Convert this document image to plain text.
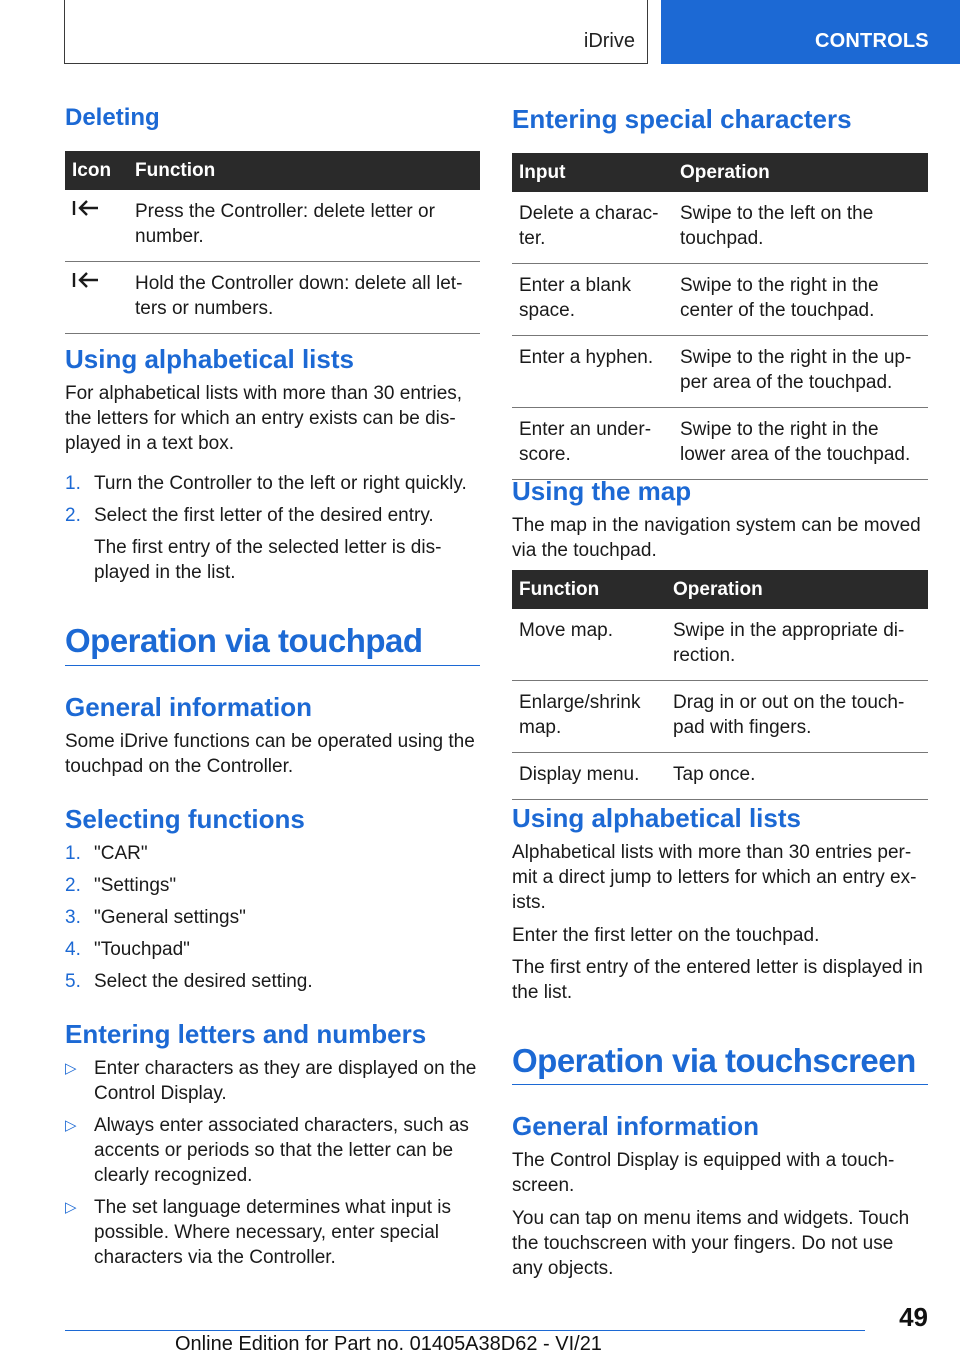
iDrive	CONTROLS
Deleting
Icon	Function
	Press the Controller: delete letter or number.
	Hold the Controller down: delete all letters or numbers.
Using alphabetical lists

For alphabetical lists with more than 30 entries, the letters for which an entry exists can be displayed in a text box.

1. Turn the Controller to the left or right quickly.
2. Select the first letter of the desired entry.

The first entry of the selected letter is displayed in the list.

Operation via touchpad
General information

Some iDrive functions can be operated using the touchpad on the Controller.

Selecting functions
1. "CAR"
2. "Settings"
3. "General settings"
4. "Touchpad"
5. Select the desired setting.
Entering letters and numbers
▷ Enter characters as they are displayed on the Control Display.
▷ Always enter associated characters, such as accents or periods so that the letter can be clearly recognized.
▷ The set language determines what input is possible. Where necessary, enter special characters via the Controller.
Entering special characters
Input	Operation
Delete a character.	Swipe to the left on the touchpad.
Enter a blank space.	Swipe to the right in the center of the touchpad.
Enter a hyphen.	Swipe to the right in the upper area of the touchpad.
Enter an underscore.	Swipe to the right in the lower area of the touchpad.
Using the map

The map in the navigation system can be moved via the touchpad.

Function	Operation
Move map.	Swipe in the appropriate direction.
Enlarge/shrink map.	Drag in or out on the touchpad with fingers.
Display menu.	Tap once.
Using alphabetical lists

Alphabetical lists with more than 30 entries permit a direct jump to letters for which an entry exists.

Enter the first letter on the touchpad.

The first entry of the entered letter is displayed in the list.

Operation via touchscreen
General information

The Control Display is equipped with a touchscreen.

You can tap on menu items and widgets. Touch the touchscreen with your fingers. Do not use any objects.

49
Online Edition for Part no. 01405A38D62 - VI/21
